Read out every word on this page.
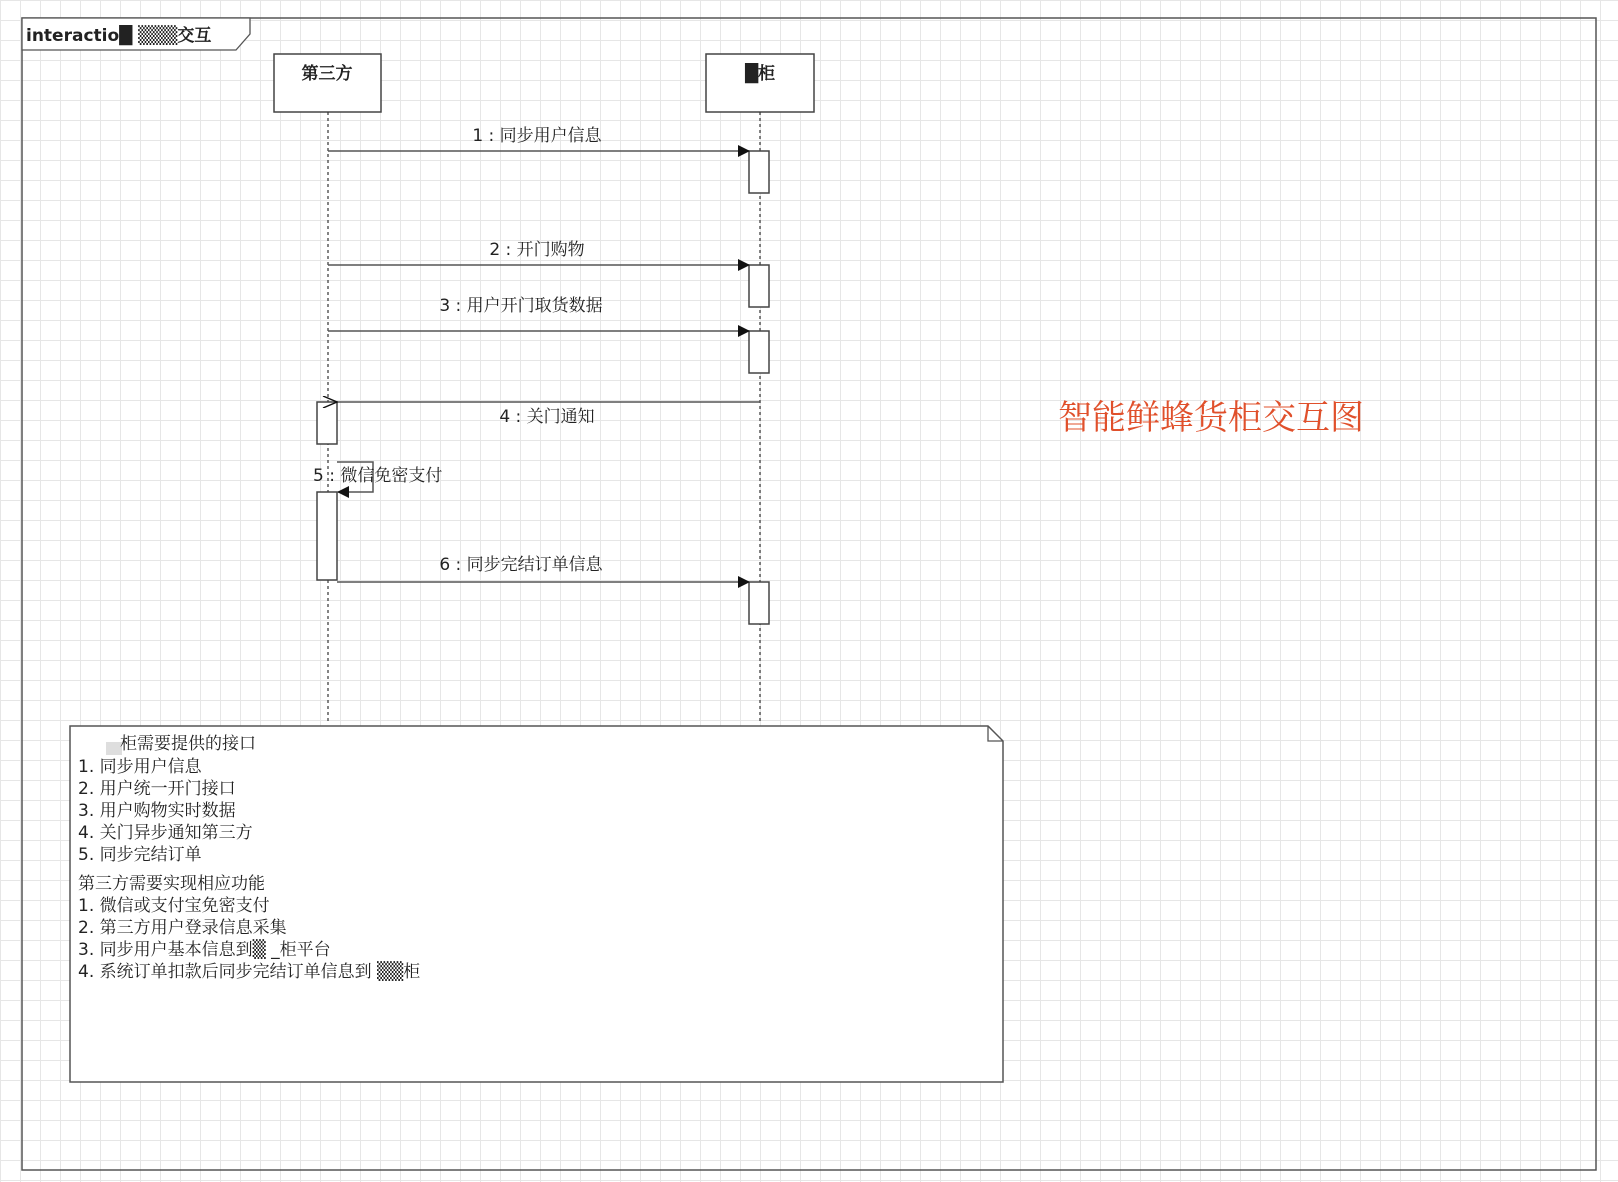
interactio█ ▒▒▒交互
第三方	█柜
1 : 同步用户信息
2 : 开门购物
3 : 用户开门取货数据
4 : 关门通知
5 : 微信免密支付
6 : 同步完结订单信息
智能鲜蜂货柜交互图
柜需要提供的接口
1. 同步用户信息
2. 用户统一开门接口
3. 用户购物实时数据
4. 关门异步通知第三方
5. 同步完结订单
第三方需要实现相应功能
1. 微信或支付宝免密支付
2. 第三方用户登录信息采集
3. 同步用户基本信息到▒ _柜平台
4. 系统订单扣款后同步完结订单信息到 ▒▒柜
